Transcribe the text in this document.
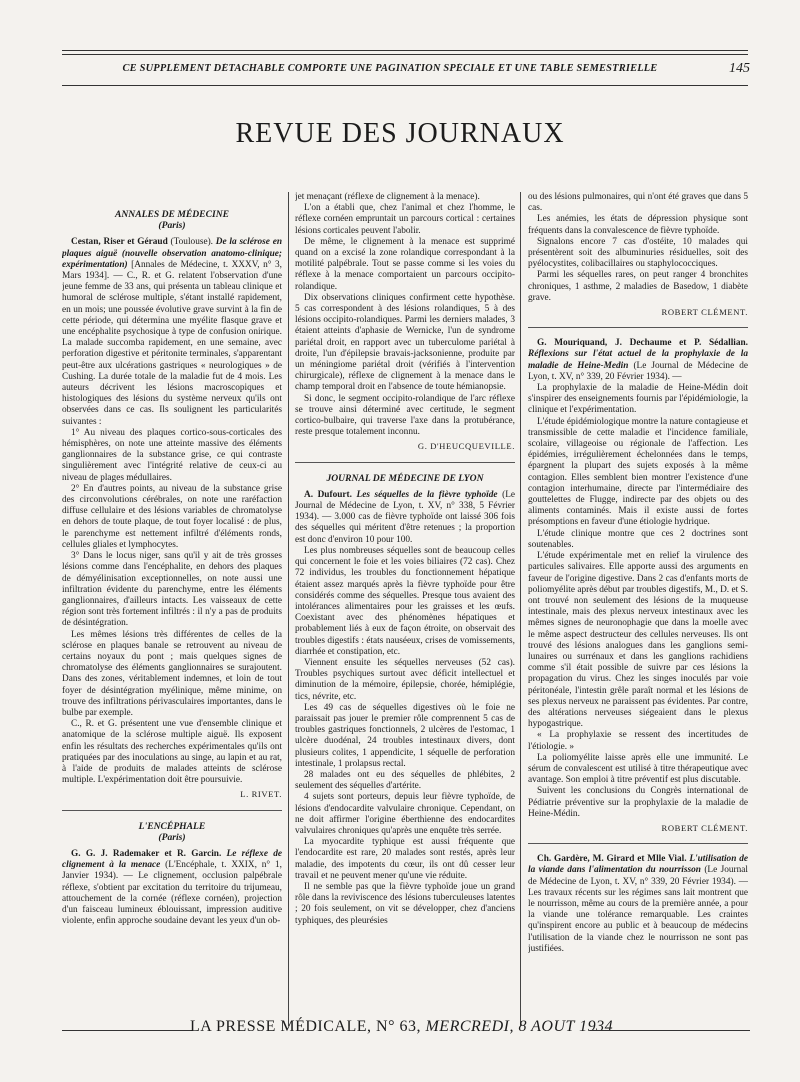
CE SUPPLÉMENT DÉTACHABLE COMPORTE UNE PAGINATION SPÉCIALE ET UNE TABLE SEMESTRIELLE	145
REVUE DES JOURNAUX

ANNALES DE MÉDECINE

(Paris)

Cestan, Riser et Géraud (Toulouse). De la sclérose en plaques aiguë (nouvelle observation anatomo-clinique; expérimentation) [Annales de Médecine, t. XXXV, n° 3, Mars 1934]. — C., R. et G. relatent l'observation d'une jeune femme de 33 ans, qui présenta un tableau clinique et humoral de sclérose multiple, s'étant installé rapidement, en un mois; une poussée évolutive grave survint à la fin de cette période, qui détermina une myélite flasque grave et une encéphalite psychosique à type de confusion onirique. La malade succomba rapidement, en une semaine, avec perforation digestive et péritonite terminales, s'apparentant peut-être aux ulcérations gastriques « neurologiques » de Cushing. La durée totale de la maladie fut de 4 mois. Les auteurs décrivent les lésions macroscopiques et histologiques des lésions du système nerveux qu'ils ont observées dans ce cas. Ils soulignent les particularités suivantes :

1° Au niveau des plaques cortico-sous-corticales des hémisphères, on note une atteinte massive des éléments ganglionnaires de la substance grise, ce qui contraste singulièrement avec l'intégrité relative de ceux-ci au niveau de plages médullaires.

2° En d'autres points, au niveau de la substance grise des circonvolutions cérébrales, on note une raréfaction diffuse cellulaire et des lésions variables de chromatolyse en dehors de toute plaque, de tout foyer localisé : de plus, le parenchyme est nettement infiltré d'éléments ronds, cellules gliales et lymphocytes.

3° Dans le locus niger, sans qu'il y ait de très grosses lésions comme dans l'encéphalite, en dehors des plaques de démyélinisation exceptionnelles, on note aussi une infiltration évidente du parenchyme, entre les éléments ganglionnaires, d'ailleurs intacts. Les vaisseaux de cette région sont très fortement infiltrés : il n'y a pas de produits de désintégration.

Les mêmes lésions très différentes de celles de la sclérose en plaques banale se retrouvent au niveau de certains noyaux du pont ; mais quelques signes de chromatolyse des éléments ganglionnaires se surajoutent. Dans des zones, véritablement indemnes, et loin de tout foyer de désintégration myélinique, même minime, on trouve des infiltrations périvasculaires importantes, dans le bulbe par exemple.

C., R. et G. présentent une vue d'ensemble clinique et anatomique de la sclérose multiple aiguë. Ils exposent enfin les résultats des recherches expérimentales qu'ils ont pratiquées par des inoculations au singe, au lapin et au rat, à l'aide de produits de malades atteints de sclérose multiple. L'expérimentation doit être poursuivie.

L. RIVET.

L'ENCÉPHALE

(Paris)

G. G. J. Rademaker et R. Garcin. Le réflexe de clignement à la menace (L'Encéphale, t. XXIX, n° 1, Janvier 1934). — Le clignement, occlusion palpébrale réflexe, s'obtient par excitation du territoire du trijumeau, attouchement de la cornée (réflexe cornéen), projection d'un faisceau lumineux éblouissant, impression auditive violente, enfin approche soudaine devant les yeux d'un ob-

jet menaçant (réflexe de clignement à la menace).

L'on a établi que, chez l'animal et chez l'homme, le réflexe cornéen empruntait un parcours cortical : certaines lésions corticales peuvent l'abolir.

De même, le clignement à la menace est supprimé quand on a excisé la zone rolandique correspondant à la motilité palpébrale. Tout se passe comme si les voies du réflexe à la menace comportaient un parcours occipito-rolandique.

Dix observations cliniques confirment cette hypothèse. 5 cas correspondent à des lésions rolandiques, 5 à des lésions occipito-rolandiques. Parmi les derniers malades, 3 étaient atteints d'aphasie de Wernicke, l'un de syndrome pariétal droit, en rapport avec un tuberculome pariétal à droite, l'un d'épilepsie bravais-jacksonienne, produite par un méningiome pariétal droit (vérifiés à l'intervention chirurgicale), réflexe de clignement à la menace dans le champ temporal droit en l'absence de toute hémianopsie.

Si donc, le segment occipito-rolandique de l'arc réflexe se trouve ainsi déterminé avec certitude, le segment cortico-bulbaire, qui traverse l'axe dans la protubérance, reste presque totalement inconnu.

G. D'HEUCQUEVILLE.

JOURNAL DE MÉDECINE DE LYON

A. Dufourt. Les séquelles de la fièvre typhoïde (Le Journal de Médecine de Lyon, t. XV, n° 338, 5 Février 1934). — 3.000 cas de fièvre typhoïde ont laissé 306 fois des séquelles qui méritent d'être retenues ; la proportion est donc d'environ 10 pour 100.

Les plus nombreuses séquelles sont de beaucoup celles qui concernent le foie et les voies biliaires (72 cas). Chez 72 individus, les troubles du fonctionnement hépatique étaient assez marqués après la fièvre typhoïde pour être considérés comme des séquelles. Presque tous avaient des intolérances alimentaires pour les graisses et les œufs. Coexistant avec des phénomènes hépatiques et probablement liés à eux de façon étroite, on observait des troubles digestifs : états nauséeux, crises de vomissements, diarrhée et constipation, etc.

Viennent ensuite les séquelles nerveuses (52 cas). Troubles psychiques surtout avec déficit intellectuel et diminution de la mémoire, épilepsie, chorée, hémiplégie, tics, névrite, etc.

Les 49 cas de séquelles digestives où le foie ne paraissait pas jouer le premier rôle comprennent 5 cas de troubles gastriques fonctionnels, 2 ulcères de l'estomac, 1 ulcère duodénal, 24 troubles intestinaux divers, dont plusieurs colites, 1 appendicite, 1 séquelle de perforation intestinale, 1 prolapsus rectal.

28 malades ont eu des séquelles de phlébites, 2 seulement des séquelles d'artérite.

4 sujets sont porteurs, depuis leur fièvre typhoïde, de lésions d'endocardite valvulaire chronique. Cependant, on ne doit affirmer l'origine éberthienne des endocardites valvulaires chroniques qu'après une enquête très serrée.

La myocardite typhique est aussi fréquente que l'endocardite est rare, 20 malades sont restés, après leur maladie, des impotents du cœur, ils ont dû cesser leur travail et ne peuvent mener qu'une vie réduite.

Il ne semble pas que la fièvre typhoïde joue un grand rôle dans la reviviscence des lésions tuberculeuses latentes ; 20 fois seulement, on vit se développer, chez d'anciens typhiques, des pleurésies

ou des lésions pulmonaires, qui n'ont été graves que dans 5 cas.

Les anémies, les états de dépression physique sont fréquents dans la convalescence de fièvre typhoïde.

Signalons encore 7 cas d'ostéite, 10 malades qui présentèrent soit des albuminuries résiduelles, soit des pyélocystites, colibacillaires ou staphylococciques.

Parmi les séquelles rares, on peut ranger 4 bronchites chroniques, 1 asthme, 2 maladies de Basedow, 1 diabète grave.

ROBERT CLÉMENT.

G. Mouriquand, J. Dechaume et P. Sédallian. Réflexions sur l'état actuel de la prophylaxie de la maladie de Heine-Medin (Le Journal de Médecine de Lyon, t. XV, n° 339, 20 Février 1934). —

La prophylaxie de la maladie de Heine-Médin doit s'inspirer des enseignements fournis par l'épidémiologie, la clinique et l'expérimentation.

L'étude épidémiologique montre la nature contagieuse et transmissible de cette maladie et l'incidence familiale, scolaire, villageoise ou régionale de l'affection. Les épidémies, irrégulièrement échelonnées dans le temps, épargnent la plupart des sujets exposés à la même contagion. Elles semblent bien montrer l'existence d'une contagion interhumaine, directe par l'intermédiaire des gouttelettes de Flugge, indirecte par des objets ou des aliments contaminés. Mais il existe aussi de fortes présomptions en faveur d'une étiologie hydrique.

L'étude clinique montre que ces 2 doctrines sont soutenables.

L'étude expérimentale met en relief la virulence des particules salivaires. Elle apporte aussi des arguments en faveur de l'origine digestive. Dans 2 cas d'enfants morts de poliomyélite après début par troubles digestifs, M., D. et S. ont trouvé non seulement des lésions de la muqueuse intestinale, mais des plexus nerveux intestinaux avec les mêmes signes de neuronophagie que dans la moelle avec le même aspect destructeur des cellules nerveuses. Ils ont trouvé des lésions analogues dans les ganglions semi-lunaires ou surrénaux et dans les ganglions rachidiens comme s'il était possible de suivre par ces lésions la propagation du virus. Chez les singes inoculés par voie péritonéale, l'intestin grêle paraît normal et les lésions de ses plexus nerveux ne paraissent pas évidentes. Par contre, des altérations nerveuses siégeaient dans le plexus hypogastrique.

« La prophylaxie se ressent des incertitudes de l'étiologie. »

La poliomyélite laisse après elle une immunité. Le sérum de convalescent est utilisé à titre thérapeutique avec avantage. Son emploi à titre préventif est plus discutable.

Suivent les conclusions du Congrès international de Pédiatrie préventive sur la prophylaxie de la maladie de Heine-Médin.

ROBERT CLÉMENT.

Ch. Gardère, M. Girard et Mlle Vial. L'utilisation de la viande dans l'alimentation du nourrisson (Le Journal de Médecine de Lyon, t. XV, n° 339, 20 Février 1934). — Les travaux récents sur les régimes sans lait montrent que le nourrisson, même au cours de la première année, a pour la viande une tolérance remarquable. Les craintes qu'inspirent encore au public et à beaucoup de médecins l'utilisation de la viande chez le nourrisson ne sont pas justifiées.

LA PRESSE MÉDICALE, N° 63, MERCREDI, 8 AOUT 1934
